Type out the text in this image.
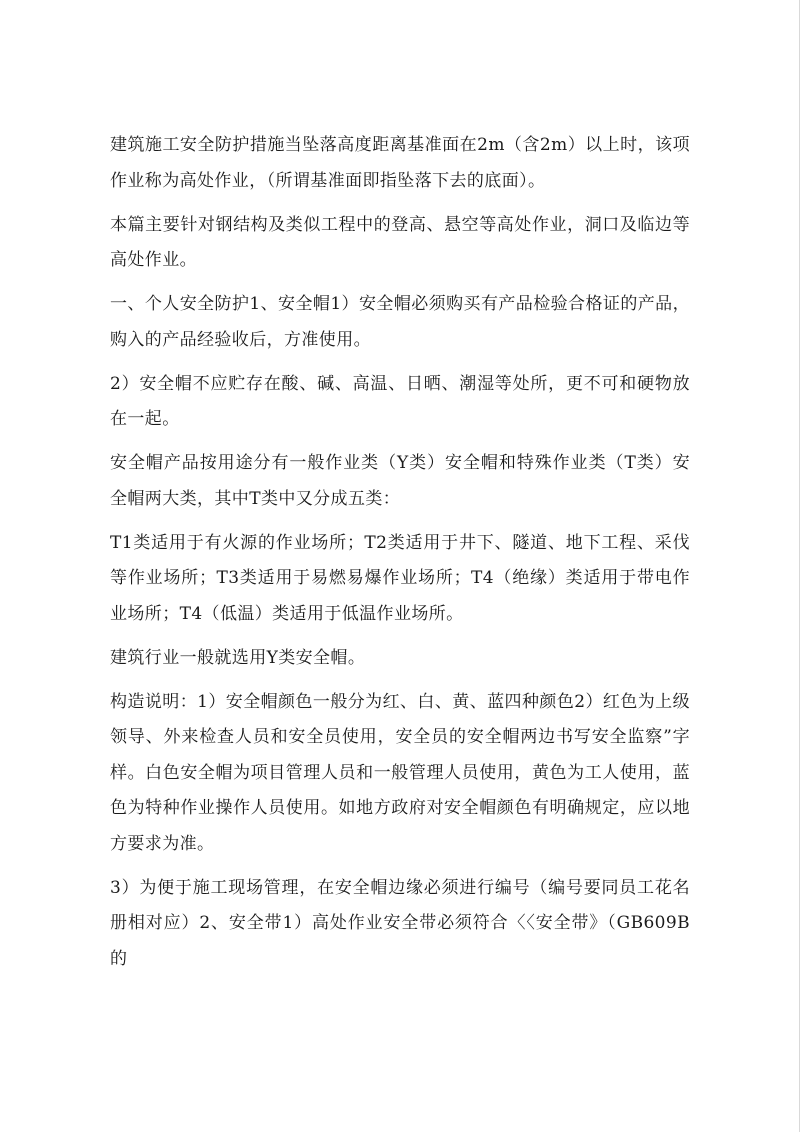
建筑施工安全防护措施当坠落高度距离基准面在2m（含2m）以上时，该项作业称为高处作业，（所谓基准面即指坠落下去的底面）。

本篇主要针对钢结构及类似工程中的登高、悬空等高处作业，洞口及临边等高处作业。

一、个人安全防护1、安全帽1）安全帽必须购买有产品检验合格证的产品，购入的产品经验收后，方准使用。

2）安全帽不应贮存在酸、碱、高温、日晒、潮湿等处所，更不可和硬物放在一起。

安全帽产品按用途分有一般作业类（Y类）安全帽和特殊作业类（T类）安全帽两大类，其中T类中又分成五类：

T1类适用于有火源的作业场所；T2类适用于井下、隧道、地下工程、采伐等作业场所；T3类适用于易燃易爆作业场所；T4（绝缘）类适用于带电作业场所；T4（低温）类适用于低温作业场所。

建筑行业一般就选用Y类安全帽。

构造说明：1）安全帽颜色一般分为红、白、黄、蓝四种颜色2）红色为上级领导、外来检查人员和安全员使用，安全员的安全帽两边书写安全监察”字样。白色安全帽为项目管理人员和一般管理人员使用，黄色为工人使用，蓝色为特种作业操作人员使用。如地方政府对安全帽颜色有明确规定，应以地方要求为准。

3）为便于施工现场管理，在安全帽边缘必须进行编号（编号要同员工花名册相对应）2、安全带1）高处作业安全带必须符合〈〈安全带》（GB609B的
